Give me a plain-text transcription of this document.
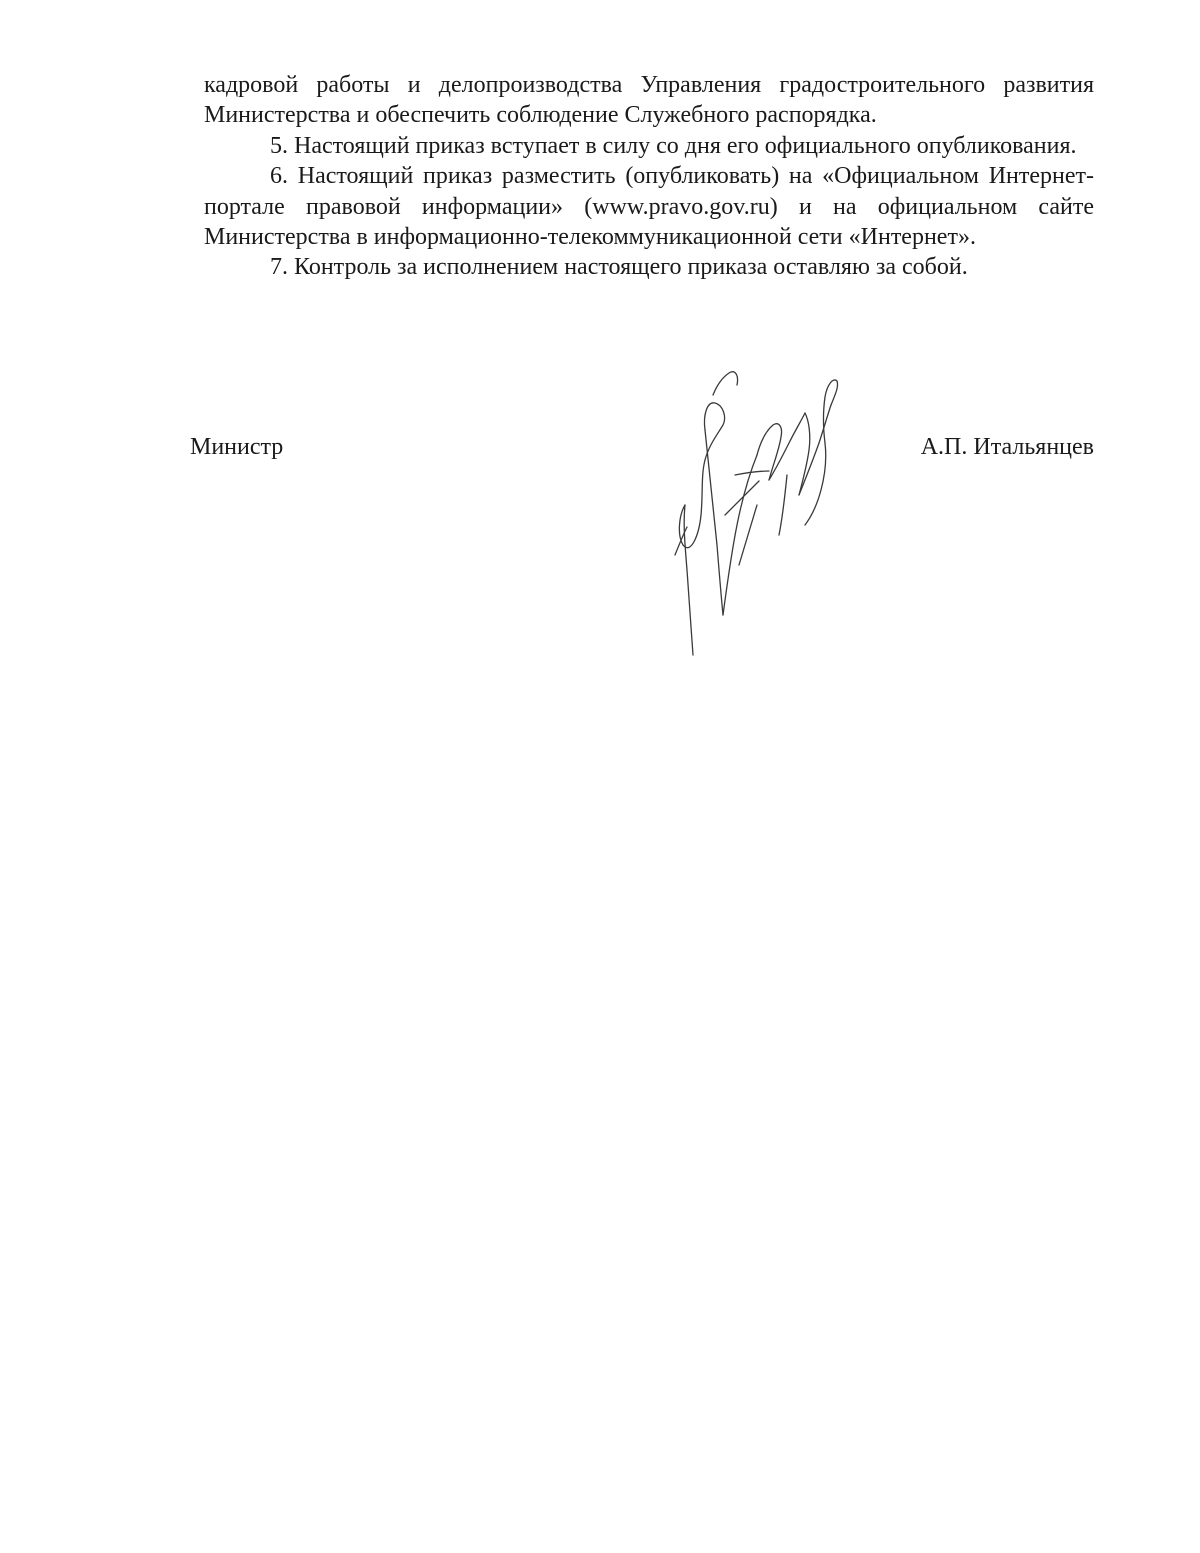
кадровой работы и делопроизводства Управления градостроительного развития Министерства и обеспечить соблюдение Служебного распорядка.

5. Настоящий приказ вступает в силу со дня его официального опубликования.

6. Настоящий приказ разместить (опубликовать) на «Официальном Интернет-портале правовой информации» (www.pravo.gov.ru) и на официальном сайте Министерства в информационно-телекоммуникационной сети «Интернет».

7. Контроль за исполнением настоящего приказа оставляю за собой.

Министр	А.П. Итальянцев
